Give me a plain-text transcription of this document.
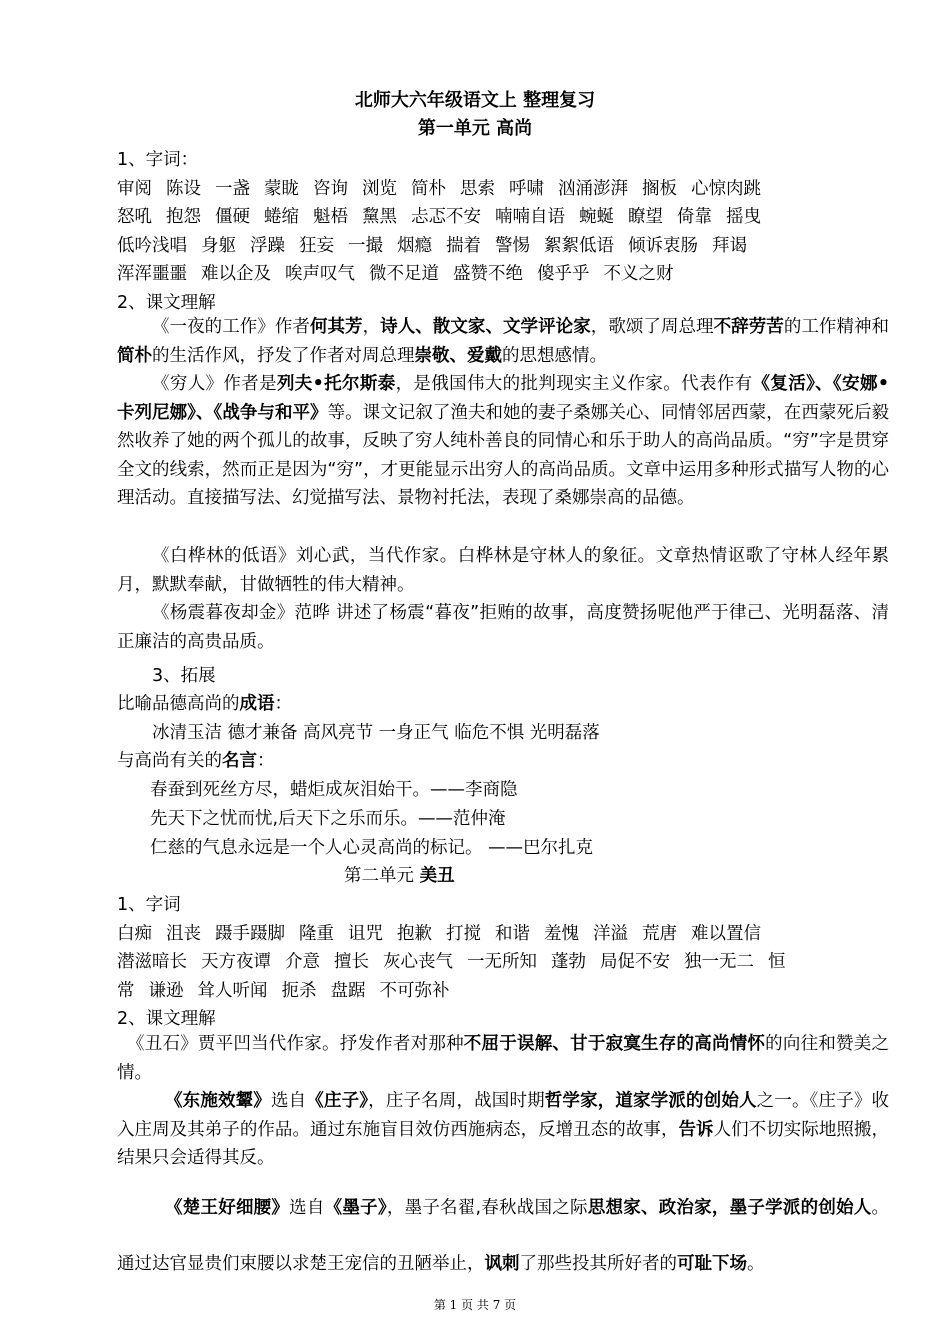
北师大六年级语文上 整理复习
第一单元 高尚
1、字词：
审阅 陈设 一盏 蒙眬 咨询 浏览 简朴 思索 呼啸 汹涌澎湃 搁板 心惊肉跳
怒吼 抱怨 僵硬 蜷缩 魁梧 黧黑 忐忑不安 喃喃自语 蜿蜒 瞭望 倚靠 摇曳
低吟浅唱 身躯 浮躁 狂妄 一撮 烟瘾 揣着 警惕 絮絮低语 倾诉衷肠 拜谒
浑浑噩噩 难以企及 唉声叹气 微不足道 盛赞不绝 傻乎乎 不义之财
2、课文理解
《一夜的工作》作者何其芳，诗人、散文家、文学评论家，歌颂了周总理不辞劳苦的工作精神和简朴的生活作风，抒发了作者对周总理崇敬、爱戴的思想感情。
《穷人》作者是列夫•托尔斯泰，是俄国伟大的批判现实主义作家。代表作有《复活》、《安娜•卡列尼娜》、《战争与和平》等。课文记叙了渔夫和她的妻子桑娜关心、同情邻居西蒙，在西蒙死后毅然收养了她的两个孤儿的故事，反映了穷人纯朴善良的同情心和乐于助人的高尚品质。“穷”字是贯穿全文的线索，然而正是因为“穷”，才更能显示出穷人的高尚品质。文章中运用多种形式描写人物的心理活动。直接描写法、幻觉描写法、景物衬托法，表现了桑娜崇高的品德。
《白桦林的低语》刘心武，当代作家。白桦林是守林人的象征。文章热情讴歌了守林人经年累月，默默奉献，甘做牺牲的伟大精神。
《杨震暮夜却金》范晔 讲述了杨震“暮夜”拒贿的故事，高度赞扬呢他严于律己、光明磊落、清正廉洁的高贵品质。
3、拓展
比喻品德高尚的成语：
冰清玉洁 德才兼备 高风亮节 一身正气 临危不惧 光明磊落
与高尚有关的名言：
春蚕到死丝方尽，蜡炬成灰泪始干。——李商隐
先天下之忧而忧,后天下之乐而乐。——范仲淹
仁慈的气息永远是一个人心灵高尚的标记。 ——巴尔扎克
第二单元 美丑
1、字词
白痴 沮丧 蹑手蹑脚 隆重 诅咒 抱歉 打搅 和谐 羞愧 洋溢 荒唐 难以置信
潜滋暗长 天方夜谭 介意 擅长 灰心丧气 一无所知 蓬勃 局促不安 独一无二 恒
常 谦逊 耸人听闻 扼杀 盘踞 不可弥补
2、课文理解
《丑石》贾平凹当代作家。抒发作者对那种不屈于误解、甘于寂寞生存的高尚情怀的向往和赞美之情。
《东施效颦》选自《庄子》，庄子名周，战国时期哲学家，道家学派的创始人之一。《庄子》收入庄周及其弟子的作品。通过东施盲目效仿西施病态，反增丑态的故事，告诉人们不切实际地照搬，结果只会适得其反。
《楚王好细腰》选自《墨子》，墨子名翟,春秋战国之际思想家、政治家，墨子学派的创始人。通过达官显贵们束腰以求楚王宠信的丑陋举止，讽刺了那些投其所好者的可耻下场。
第 1 页 共 7 页
